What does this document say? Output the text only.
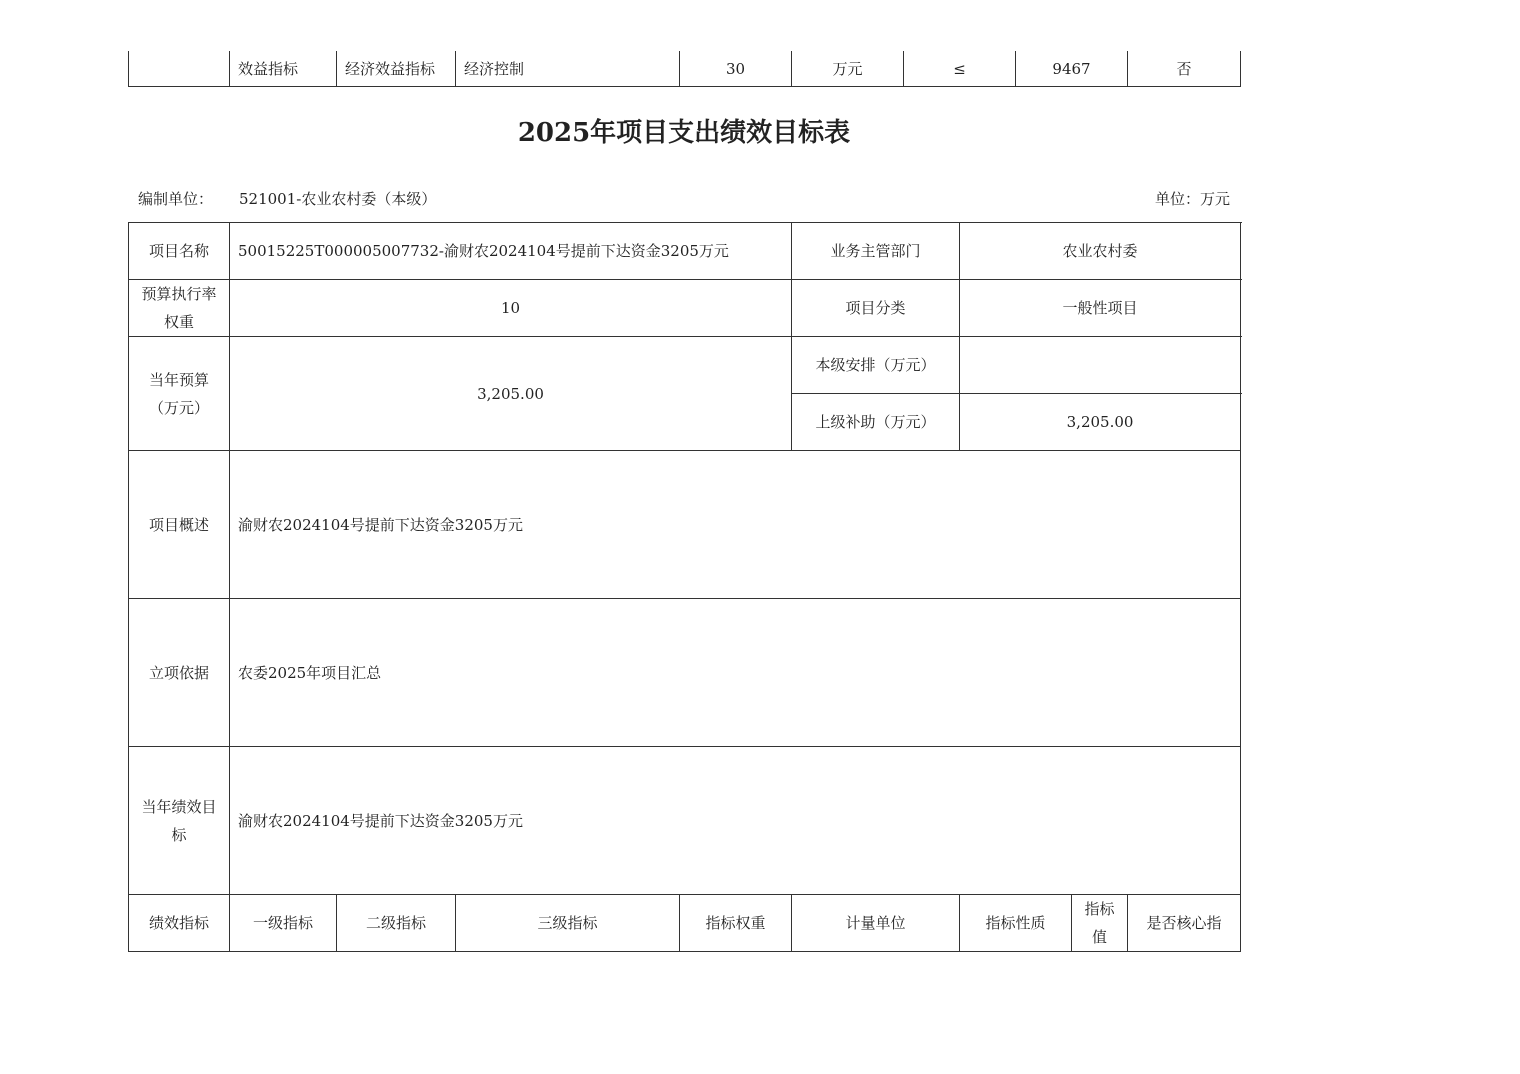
	效益指标	经济效益指标	经济控制	30	万元	≤	9467	否
2025年项目支出绩效目标表
编制单位： 521001-农业农村委（本级）	单位：万元
项目名称	50015225T000005007732-渝财农2024104号提前下达资金3205万元				业务主管部门	农业农村委		
预算执行率权重	10				项目分类	一般性项目		
当年预算（万元）	3,205.00				本级安排（万元）			
					上级补助（万元）	3,205.00		
项目概述	渝财农2024104号提前下达资金3205万元							
立项依据	农委2025年项目汇总							
当年绩效目标	渝财农2024104号提前下达资金3205万元							
绩效指标	一级指标	二级指标	三级指标	指标权重	计量单位	指标性质	指标值	是否核心指
